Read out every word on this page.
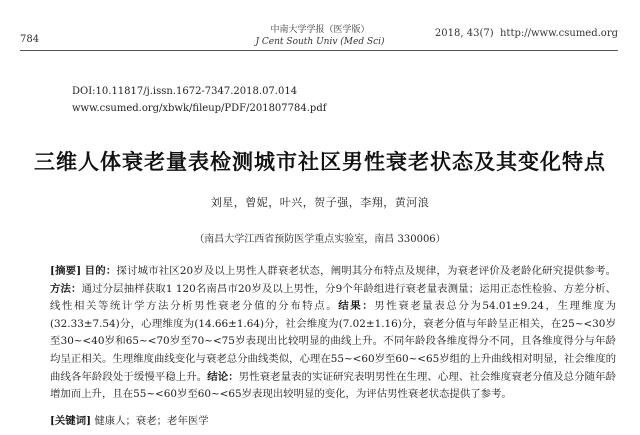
784
中南大学学报（医学版）
J Cent South Univ (Med Sci)
2018, 43(7) http://www.csumed.org
DOI:10.11817/j.issn.1672-7347.2018.07.014
www.csumed.org/xbwk/fileup/PDF/201807784.pdf
三维人体衰老量表检测城市社区男性衰老状态及其变化特点
刘星，曾妮，叶兴，贺子强，李翔，黄河浪
（南昌大学江西省预防医学重点实验室，南昌 330006）
[摘要] 目的：探讨城市社区20岁及以上男性人群衰老状态，阐明其分布特点及规律，为衰老评价及老龄化研究提供参考。方法：通过分层抽样获取1 120名南昌市20岁及以上男性，分9个年龄组进行衰老量表测量；运用正态性检验、方差分析、线性相关等统计学方法分析男性衰老分值的分布特点。结果：男性衰老量表总分为54.01±9.24，生理维度为(32.33±7.54)分，心理维度为(14.66±1.64)分，社会维度为(7.02±1.16)分，衰老分值与年龄呈正相关，在25~<30岁至30~<40岁和65~<70岁至70~<75岁表现出比较明显的曲线上升。不同年龄段各维度得分不同，且各维度得分与年龄均呈正相关。生理维度曲线变化与衰老总分曲线类似，心理在55~<60岁至60~<65岁组的上升曲线相对明显，社会维度的曲线各年龄段处于缓慢平稳上升。结论：男性衰老量表的实证研究表明男性在生理、心理、社会维度衰老分值及总分随年龄增加而上升，且在55~<60岁至60~<65岁表现出较明显的变化，为评估男性衰老状态提供了参考。
[关键词] 健康人；衰老；老年医学
